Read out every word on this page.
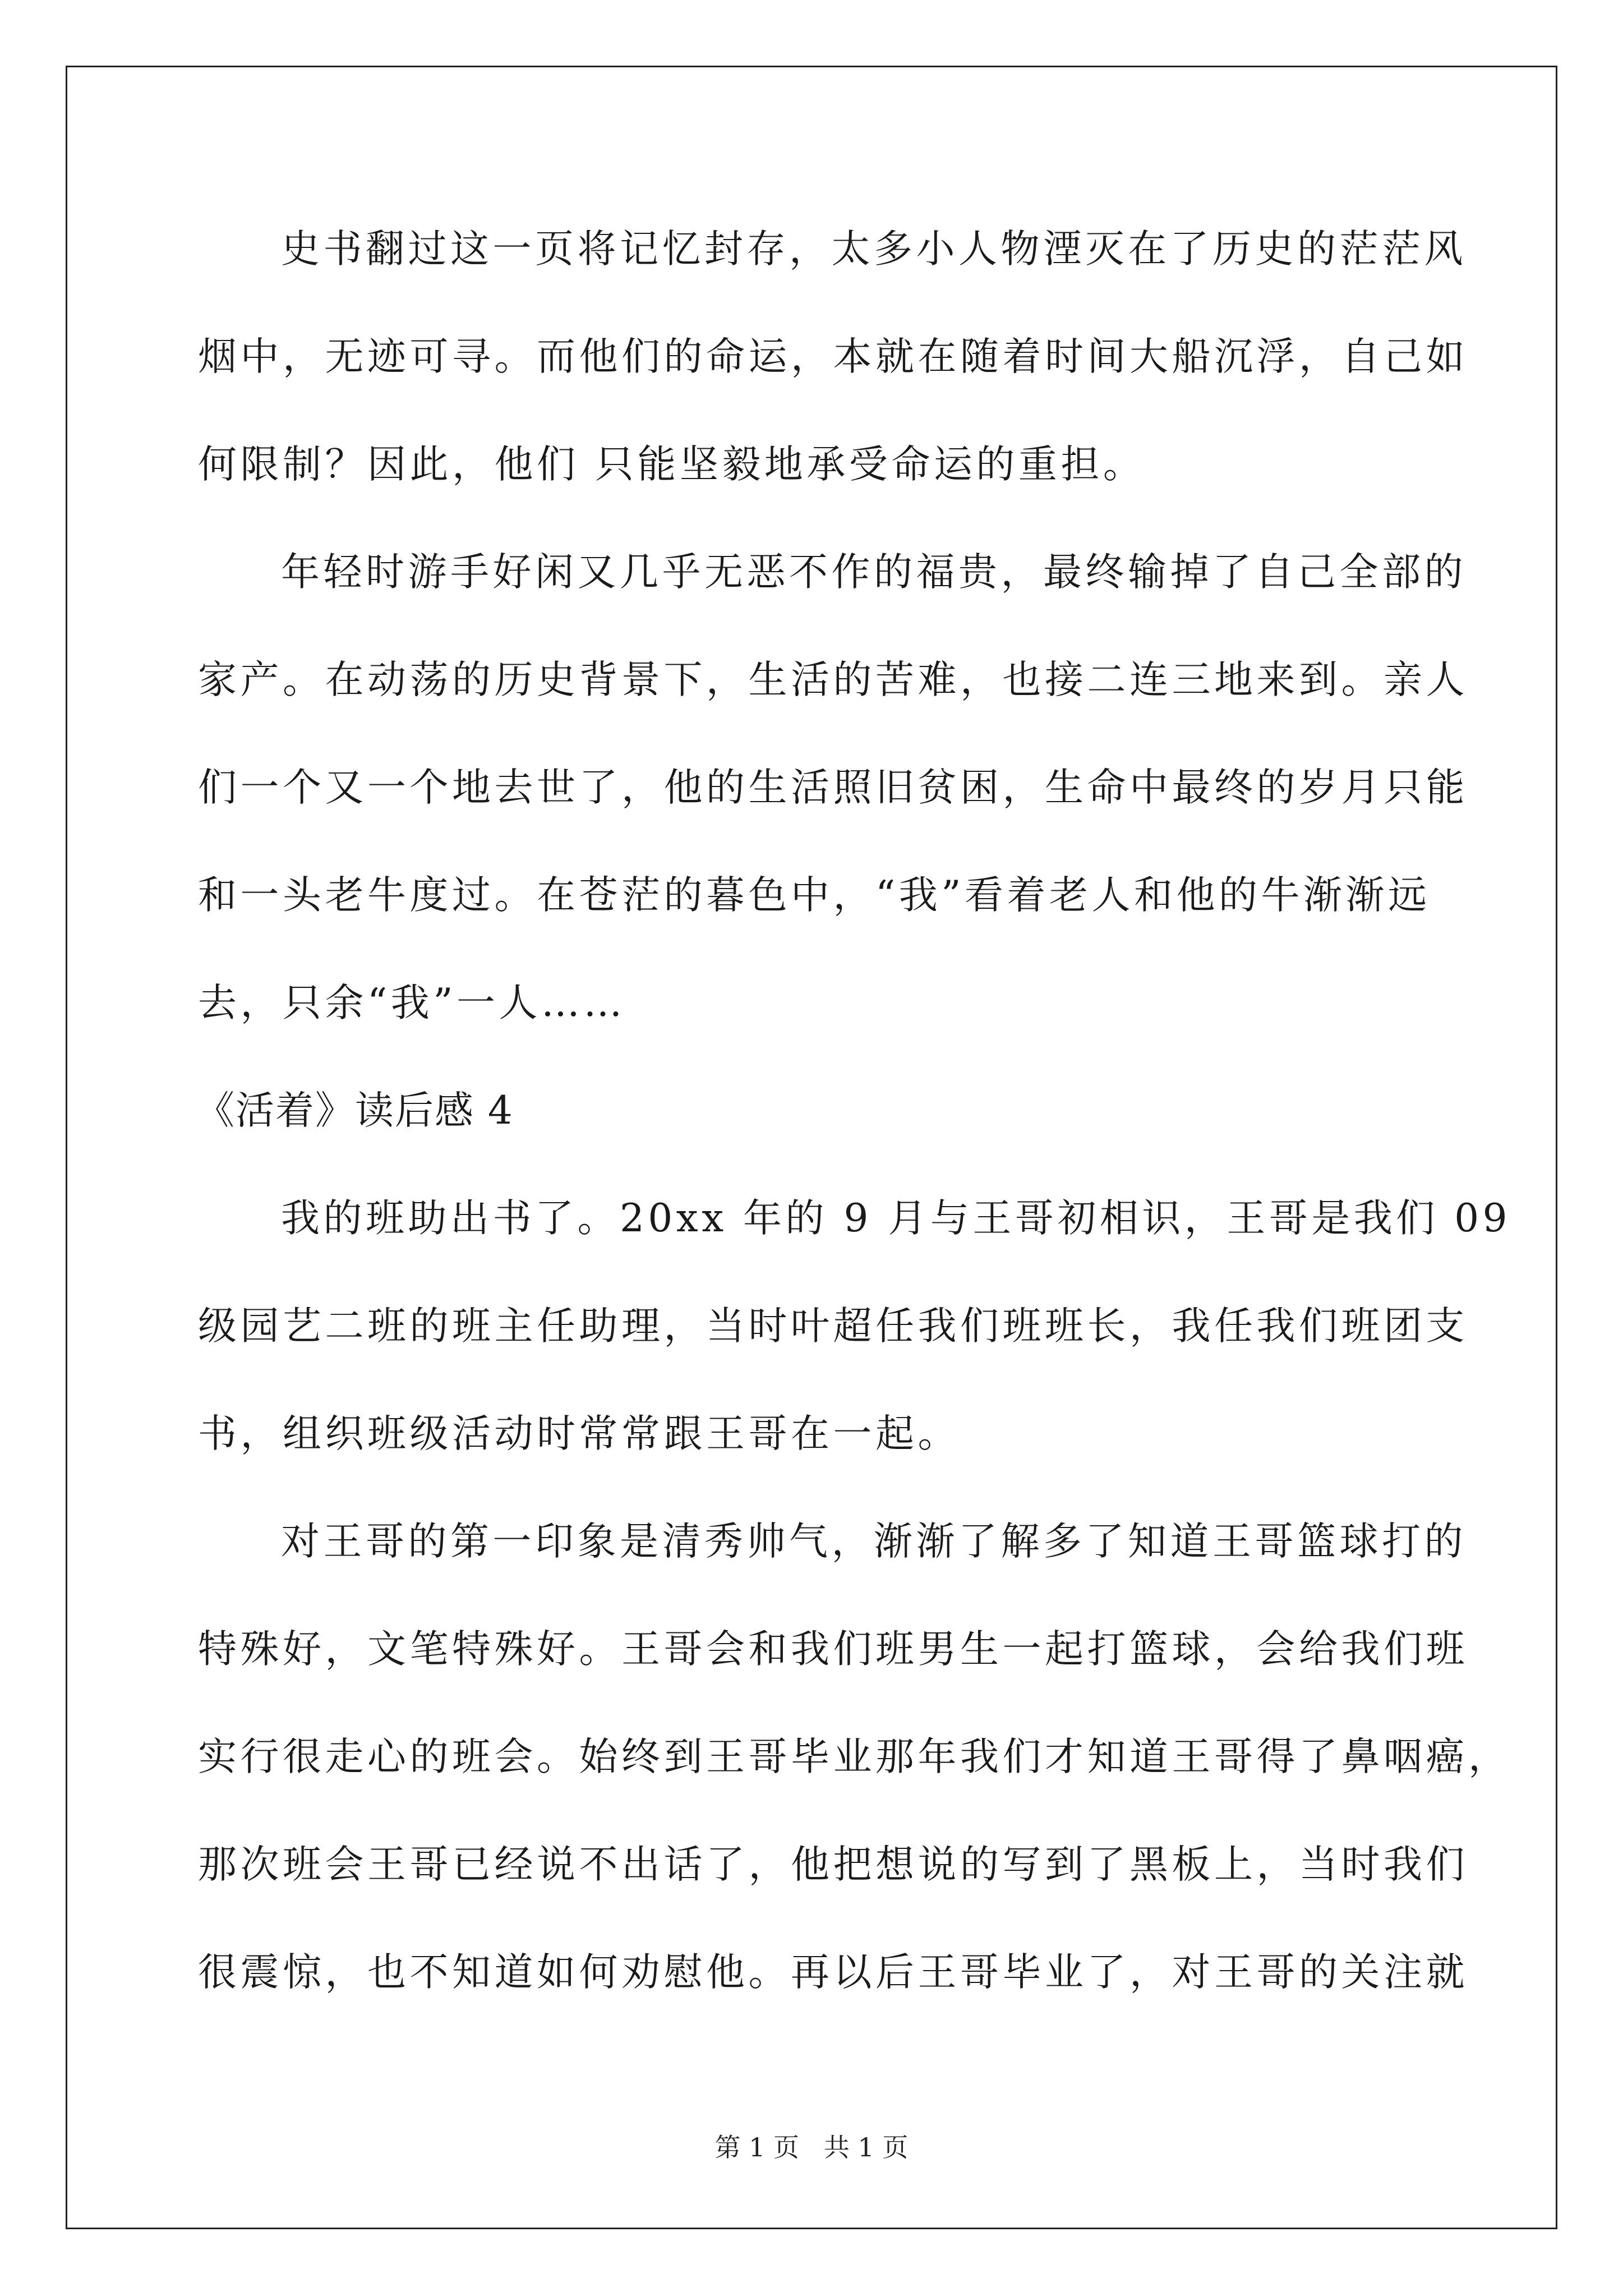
史书翻过这一页将记忆封存，太多小人物湮灭在了历史的茫茫风
烟中，无迹可寻。而他们的命运，本就在随着时间大船沉浮，自己如
何限制？因此，他们 只能坚毅地承受命运的重担。
年轻时游手好闲又几乎无恶不作的福贵，最终输掉了自己全部的
家产。在动荡的历史背景下，生活的苦难，也接二连三地来到。亲人
们一个又一个地去世了，他的生活照旧贫困，生命中最终的岁月只能
和一头老牛度过。在苍茫的暮色中，“我”看着老人和他的牛渐渐远
去，只余“我”一人……
《活着》读后感 4
我的班助出书了。20xx 年的 9 月与王哥初相识，王哥是我们 09
级园艺二班的班主任助理，当时叶超任我们班班长，我任我们班团支
书，组织班级活动时常常跟王哥在一起。
对王哥的第一印象是清秀帅气，渐渐了解多了知道王哥篮球打的
特殊好，文笔特殊好。王哥会和我们班男生一起打篮球，会给我们班
实行很走心的班会。始终到王哥毕业那年我们才知道王哥得了鼻咽癌，
那次班会王哥已经说不出话了，他把想说的写到了黑板上，当时我们
很震惊，也不知道如何劝慰他。再以后王哥毕业了，对王哥的关注就
第 1 页   共 1 页
